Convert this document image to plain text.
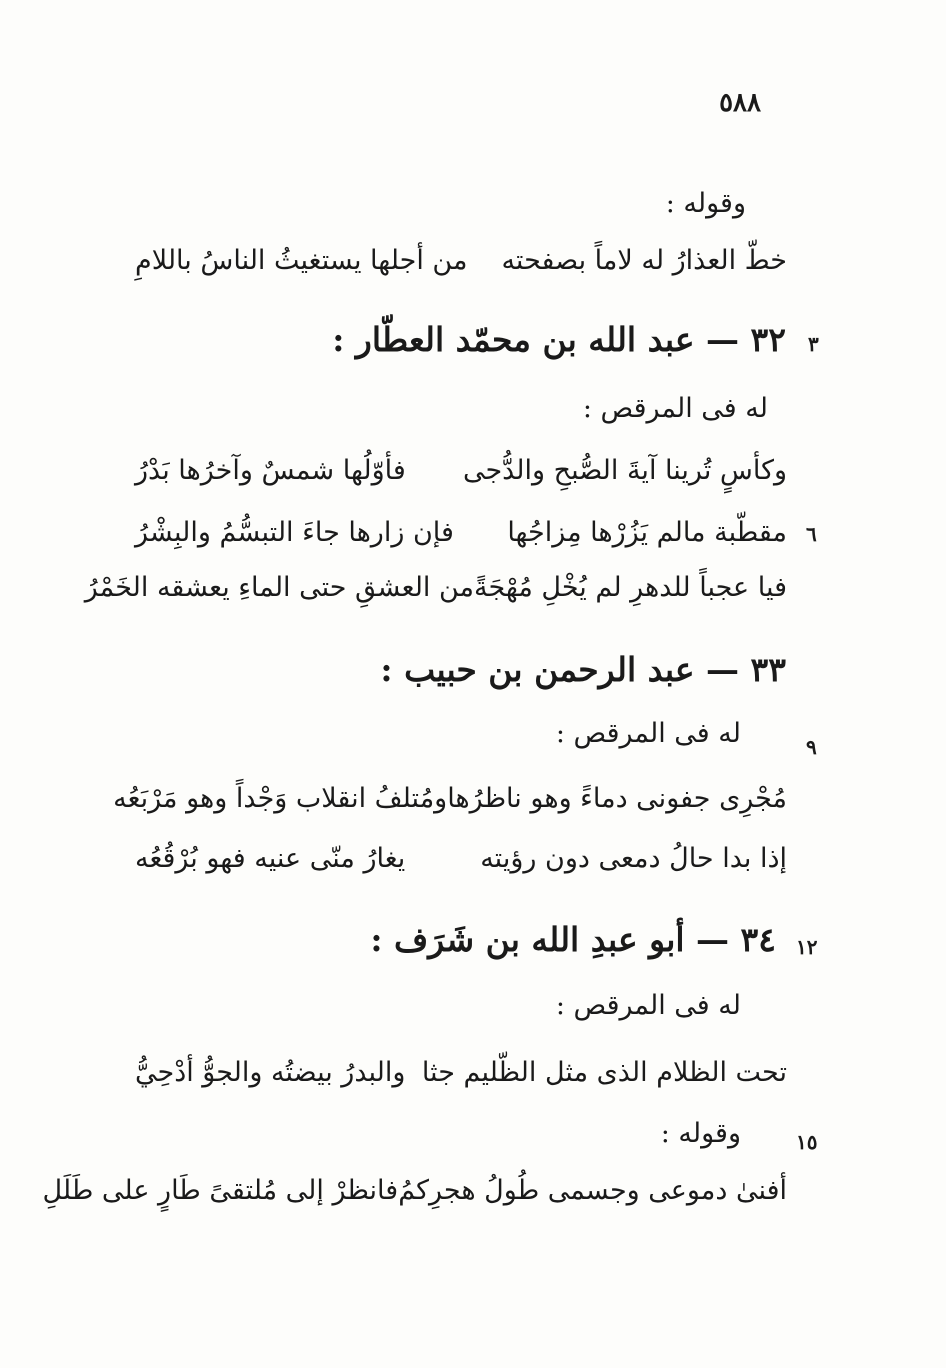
٥٨٨
وقوله :
خطّ العذارُ له لاماً بصفحته
من أجلها يستغيثُ الناسُ باللامِ
٣
٣٢ — عبد الله بن محمّد العطّار :
له فى المرقص :
وكأسٍ تُرينا آيةَ الصُّبحِ والدُّجى
فأوّلُها شمسٌ وآخرُها بَدْرُ
٦
مقطّبة مالم يَزُرْها مِزاجُها
فإن زارها جاءَ التبسُّمُ والبِشْرُ
فيا عجباً للدهرِ لم يُخْلِ مُهْجَةً
من العشقِ حتى الماءِ يعشقه الخَمْرُ
٣٣ — عبد الرحمن بن حبيب :
٩
له فى المرقص :
مُجْرِى جفونى دماءً وهو ناظرُها
ومُتلفُ انقلاب وَجْداً وهو مَرْبَعُه
إذا بدا حالُ دمعى دون رؤيته
يغارُ منّى عنيه فهو بُرْقُعُه
١٢
٣٤ — أبو عبدِ الله بن شَرَف :
له فى المرقص :
تحت الظلام الذى مثل الظّليم جثا
والبدرُ بيضتُه والجوُّ أدْحِيُّ
١٥
وقوله :
أفنىٰ دموعى وجسمى طُولُ هجرِكمُ
فانظرْ إلى مُلتقىً طَارٍ على طَلَلِ
